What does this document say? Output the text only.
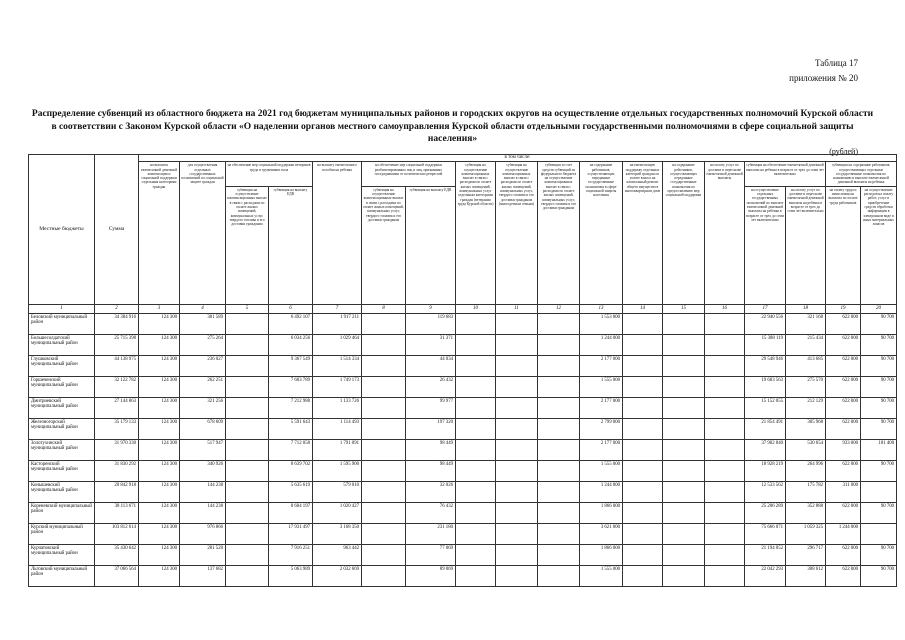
Таблица 17
приложения № 20
Распределение субвенций из областного бюджета на 2021 год бюджетам муниципальных районов и городских округов на осуществление отдельных государственных полномочий Курской области в соответствии с Законом Курской области «О наделении органов местного самоуправления Курской области отдельными государственными полномочиями в сфере социальной защиты населения»
(рублей)
Местные бюджеты	Сумма	в том числе:																	
		на выплаты ежемесячной денежной компенсации и социальной поддержки отдельным категориям граждан	для осуществления отдельных государственных полномочий по социальной защите граждан	на обеспечение мер социальной поддержки ветеранов труда и тружеников тыла		на выплату ежемесячного пособия на ребенка	на обеспечение мер социальной поддержки реабилитированных лиц и лиц, признанных пострадавшими от политических репрессий		субвенция на осуществление компенсационных выплат в связи с расходами по оплате жилых помещений, коммунальных услуг отдельным категориям граждан (ветеранам труда Курской области)	субвенция на осуществление компенсационных выплат в связи с расходами по оплате жилых помещений, коммунальных услуг, твердого топлива и его доставки гражданам (многодетным семьям)	субвенция за счет средств субвенций из федерального бюджета на осуществление компенсационных выплат в связи с расходами по оплате жилых помещений, коммунальных услуг, твердого топлива и его доставки гражданам	на содержание работников, осуществляющих переданные государственные полномочия в сфере социальной защиты населения	на ежемесячную поддержку отдельных категорий граждан по уплате взноса на капитальный ремонт общего имущества в многоквартирном доме	на содержание работников, осуществляющих переданные государственные полномочия по предоставлению мер социальной поддержки	на оплату услуг по доставке и пересылке ежемесячной денежной выплаты	субвенция на обеспечение ежемесячной денежной выплаты на ребенка в возрасте от трех до семи лет включительно		субвенция на содержание работников, осуществляющих отдельные государственные полномочия по назначению и выплате ежемесячной денежной выплаты на ребенка	
				субвенция на осуществление компенсационных выплат в связи с расходами по оплате жилых помещений, коммунальных услуг, твердого топлива и его доставки гражданам	субвенция на выплату ЕДВ		субвенция на осуществление компенсационных выплат в связи с расходами по оплате жилых помещений, коммунальных услуг, твердого топлива и его доставки гражданам	субвенция на выплату ЕДВ								на осуществление отдельных государственных полномочий по выплате ежемесячной денежной выплаты на ребенка в возрасте от трех до семи лет включительно	на оплату услуг по доставке и пересылке ежемесячной денежной выплаты на ребенка в возрасте от трех до семи лет включительно	на оплату труда и начисления на выплаты по оплате труда работников	на осуществление расходов на оплату работ, услуг и приобретение средств обработки информации в электронном виде и иных материальных запасов
1	2	3	4	5	6	7	8	9	10	11	12	13	14	15	16	17	18	19	20
Беловский муниципальный район	34 384 916	124 300	301 589		6 492 107	1 917 211		119 683				1 553 000				22 940 556	321 168	622 000	90 700
Большесолдатский муниципальный район	25 715 398	124 300	275 264		6 034 256	1 029 464		31 371				1 244 000				15 388 119	215 434	622 000	90 700
Глушковский муниципальный район	44 138 975	124 300	236 027		9 367 549	1 514 334		44 034				2 177 000				29 548 946	413 685	622 000	90 700
Горшеченский муниципальный район	32 122 782	124 300	262 251		7 683 789	1 749 173		26 432				1 555 000				19 683 563	275 570	622 000	90 700
Дмитриевский муниципальный район	27 144 863	124 300	321 256		7 212 988	1 133 726		99 977				2 177 000				15 152 055	212 129	622 000	90 700
Железногорский муниципальный район	35 179 133	124 300	678 609		5 591 643	1 114 493		197 320				2 799 000				21 854 491	305 968	622 000	90 700
Золотухинский муниципальный район	31 970 330	124 300	517 947		7 712 058	1 791 091		98 449				2 177 000				37 902 840	530 654	933 000	181 400
Касторенский муниципальный район	31 830 292	124 300	340 926		8 639 702	1 595 900		98 449				1 555 000				18 928 219	264 996	622 000	90 700
Конышевский муниципальный район	20 842 918	124 300	144 238		5 635 619	579 010		32 026				1 244 000				12 533 562	175 782	311 000	
Кореневский муниципальный район	38 113 671	124 300	144 238		8 604 197	1 020 427		76 432				1 866 000				25 206 289	352 888	622 000	90 700
Курский муниципальный район	103 812 614	124 300	976 866		17 931 497	3 168 350		231 180				3 621 000				75 666 071	1 059 325	1 244 000	
Курчатовский муниципальный район	35 430 642	124 300	281 520		7 916 251	963 442		77 069				1 866 000				21 194 052	296 717	622 000	90 700
Льговский муниципальный район	37 066 564	124 300	137 682		5 063 989	2 032 669		89 069				1 555 000				22 042 293	308 612	622 000	90 700
